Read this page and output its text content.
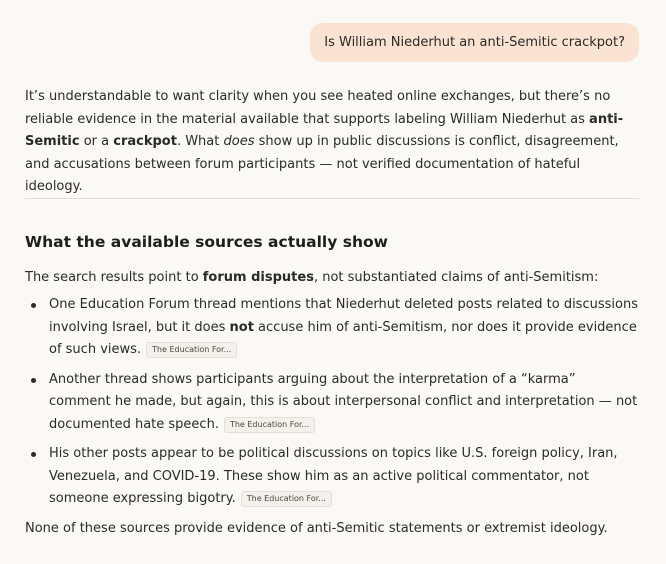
Is William Niederhut an anti-Semitic crackpot?

It’s understandable to want clarity when you see heated online exchanges, but there’s no reliable evidence in the material available that supports labeling William Niederhut as anti-Semitic or a crackpot. What does show up in public discussions is conflict, disagreement, and accusations between forum participants — not verified documentation of hateful ideology.

What the available sources actually show

The search results point to forum disputes, not substantiated claims of anti-Semitism:

One Education Forum thread mentions that Niederhut deleted posts related to discussions involving Israel, but it does not accuse him of anti-Semitism, nor does it provide evidence of such views. The Education For...
Another thread shows participants arguing about the interpretation of a “karma” comment he made, but again, this is about interpersonal conflict and interpretation — not documented hate speech. The Education For...
His other posts appear to be political discussions on topics like U.S. foreign policy, Iran, Venezuela, and COVID-19. These show him as an active political commentator, not someone expressing bigotry. The Education For...

None of these sources provide evidence of anti-Semitic statements or extremist ideology.
